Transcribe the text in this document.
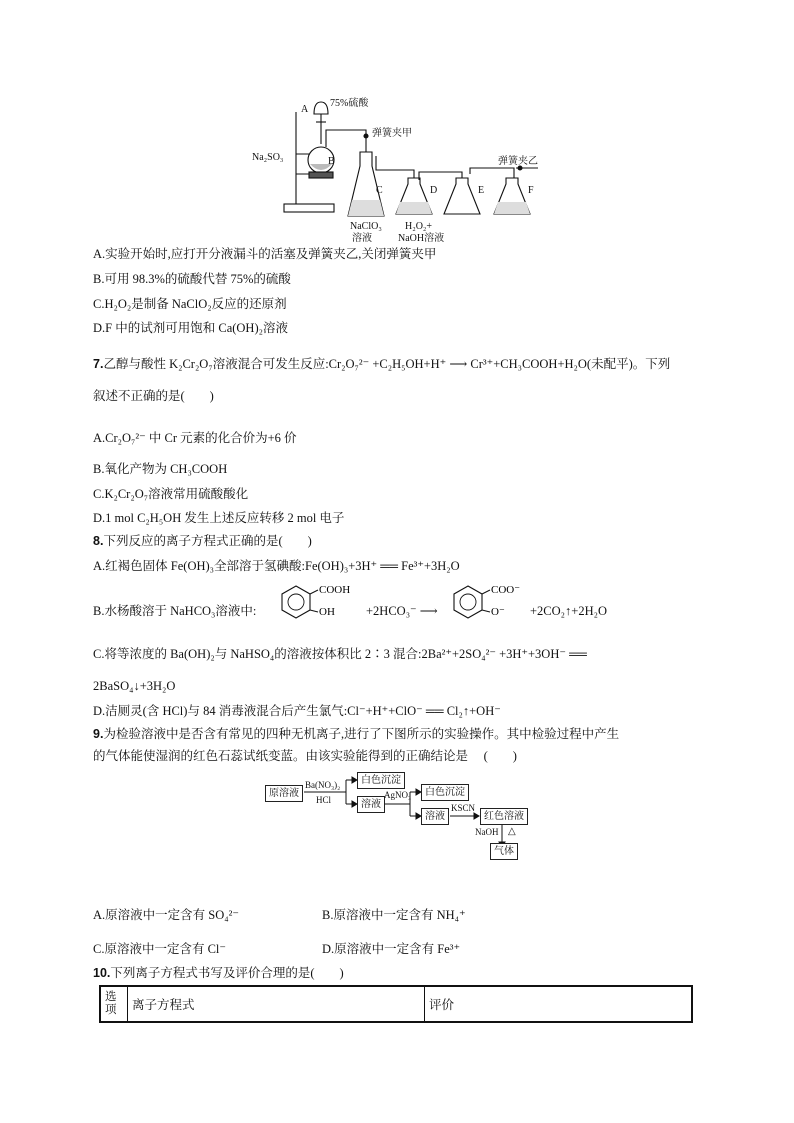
A
75%硫酸
弹簧夹甲
Na₂SO₃	B
C	D	E	F
弹簧夹乙
NaClO₃
溶液
H₂O₂+
NaOH溶液
A.实验开始时,应打开分液漏斗的活塞及弹簧夹乙,关闭弹簧夹甲
B.可用 98.3%的硫酸代替 75%的硫酸
C.H₂O₂是制备 NaClO₂反应的还原剂
D.F 中的试剂可用饱和 Ca(OH)₂溶液
7.乙醇与酸性 K₂Cr₂O₇溶液混合可发生反应:Cr₂O₇²⁻ +C₂H₅OH+H⁺ ⟶ Cr³⁺+CH₃COOH+H₂O(未配平)。下列
叙述不正确的是(　　)
A.Cr₂O₇²⁻ 中 Cr 元素的化合价为+6 价
B.氧化产物为 CH₃COOH
C.K₂Cr₂O₇溶液常用硫酸酸化
D.1 mol C₂H₅OH 发生上述反应转移 2 mol 电子
8.下列反应的离子方程式正确的是(　　)
A.红褐色固体 Fe(OH)₃全部溶于氢碘酸:Fe(OH)₃+3H⁺ ══ Fe³⁺+3H₂O
B.水杨酸溶于 NaHCO₃溶液中:
COOH
OH +2HCO₃⁻ ⟶
COO⁻
O⁻ +2CO₂↑+2H₂O
C.将等浓度的 Ba(OH)₂与 NaHSO₄的溶液按体积比 2∶3 混合:2Ba²⁺+2SO₄²⁻ +3H⁺+3OH⁻ ══
2BaSO₄↓+3H₂O
D.洁厕灵(含 HCl)与 84 消毒液混合后产生氯气:Cl⁻+H⁺+ClO⁻ ══ Cl₂↑+OH⁻
9.为检验溶液中是否含有常见的四种无机离子,进行了下图所示的实验操作。其中检验过程中产生
的气体能使湿润的红色石蕊试纸变蓝。由该实验能得到的正确结论是　 (　　)
原溶液
Ba(NO₃)₂
HCl
白色沉淀
溶液
AgNO₃	白色沉淀
溶液
KSCN
红色溶液
NaOH △
气体
A.原溶液中一定含有 SO₄²⁻	B.原溶液中一定含有 NH₄⁺
C.原溶液中一定含有 Cl⁻	D.原溶液中一定含有 Fe³⁺
10.下列离子方程式书写及评价合理的是(　　)
选项	离子方程式	评价
